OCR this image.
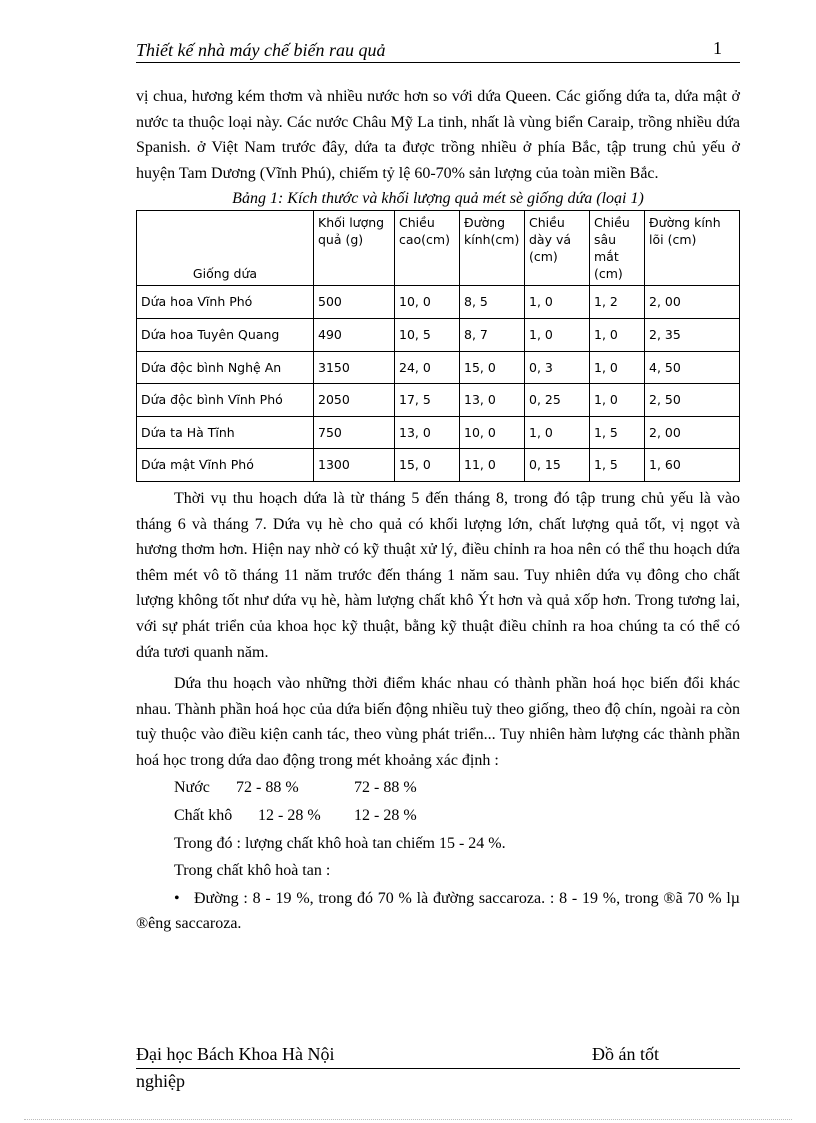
Thiết kế nhà máy chế biến rau quả	1

vị chua, hương kém thơm và nhiều nước hơn so với dứa Queen. Các giống dứa ta, dứa mật ở nước ta thuộc loại này. Các nước Châu Mỹ La tinh, nhất là vùng biển Caraip, trồng nhiều dứa Spanish. ở Việt Nam trước đây, dứa ta được trồng nhiều ở phía Bắc, tập trung chủ yếu ở huyện Tam Dương (Vĩnh Phú), chiếm tỷ lệ 60-70% sản lượng của toàn miền Bắc.

Bảng 1: Kích thước và khối lượng quả mét sè giống dứa (loại 1)
Giống dứa	Khối lượng quả (g)	Chiều cao(cm)	Đường kính(cm)	Chiều dày vá (cm)	Chiều sâu mắt (cm)	Đường kính lõi (cm)
Dứa hoa Vĩnh Phó	500	10, 0	8, 5	1, 0	1, 2	2, 00
Dứa hoa Tuyên Quang	490	10, 5	8, 7	1, 0	1, 0	2, 35
Dứa độc bình Nghệ An	3150	24, 0	15, 0	0, 3	1, 0	4, 50
Dứa độc bình Vĩnh Phó	2050	17, 5	13, 0	0, 25	1, 0	2, 50
Dứa ta Hà Tĩnh	750	13, 0	10, 0	1, 0	1, 5	2, 00
Dứa mật Vĩnh Phó	1300	15, 0	11, 0	0, 15	1, 5	1, 60

Thời vụ thu hoạch dứa là từ tháng 5 đến tháng 8, trong đó tập trung chủ yếu là vào tháng 6 và tháng 7. Dứa vụ hè cho quả có khối lượng lớn, chất lượng quả tốt, vị ngọt và hương thơm hơn. Hiện nay nhờ có kỹ thuật xử lý, điều chỉnh ra hoa nên có thể thu hoạch dứa thêm mét vô tõ tháng 11 năm trước đến tháng 1 năm sau. Tuy nhiên dứa vụ đông cho chất lượng không tốt như dứa vụ hè, hàm lượng chất khô Ýt hơn và quả xốp hơn. Trong tương lai, với sự phát triển của khoa học kỹ thuật, bằng kỹ thuật điều chỉnh ra hoa chúng ta có thể có dứa tươi quanh năm.

Dứa thu hoạch vào những thời điểm khác nhau có thành phần hoá học biến đổi khác nhau. Thành phần hoá học của dứa biến động nhiều tuỳ theo giống, theo độ chín, ngoài ra còn tuỳ thuộc vào điều kiện canh tác, theo vùng phát triển... Tuy nhiên hàm lượng các thành phần hoá học trong dứa dao động trong mét khoảng xác định :

Nước	72 - 88 %	72 - 88 %
Chất khô	12 - 28 %	12 - 28 %
Trong đó : lượng chất khô hoà tan chiếm 15 - 24 %.
Trong chất khô hoà tan :

• Đường : 8 - 19 %, trong đó 70 % là đường saccaroza. : 8 - 19 %, trong ®ã 70 % lµ ®êng saccaroza.

Đại học Bách Khoa Hà Nội	Đồ án tốt
nghiệp
